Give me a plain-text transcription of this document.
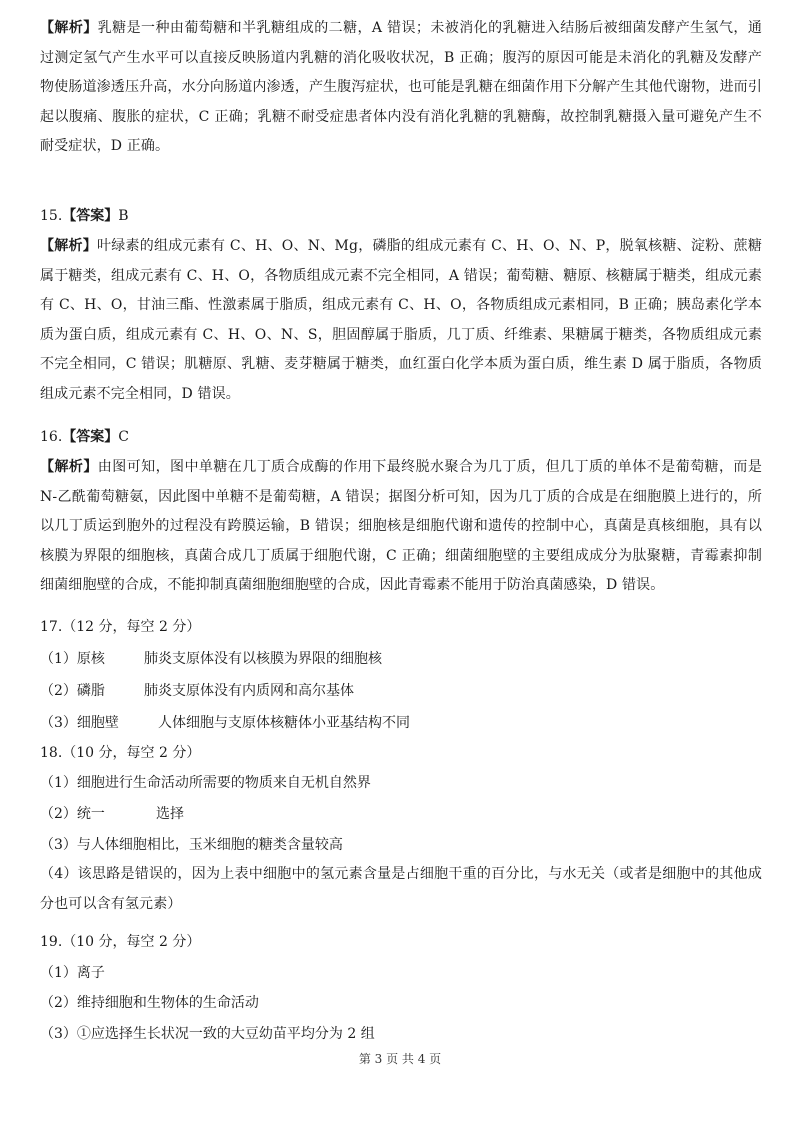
【解析】乳糖是一种由葡萄糖和半乳糖组成的二糖，A 错误；未被消化的乳糖进入结肠后被细菌发酵产生氢气，通过测定氢气产生水平可以直接反映肠道内乳糖的消化吸收状况，B 正确；腹泻的原因可能是未消化的乳糖及发酵产物使肠道渗透压升高，水分向肠道内渗透，产生腹泻症状，也可能是乳糖在细菌作用下分解产生其他代谢物，进而引起以腹痛、腹胀的症状，C 正确；乳糖不耐受症患者体内没有消化乳糖的乳糖酶，故控制乳糖摄入量可避免产生不耐受症状，D 正确。

15.【答案】B

【解析】叶绿素的组成元素有 C、H、O、N、Mg，磷脂的组成元素有 C、H、O、N、P，脱氧核糖、淀粉、蔗糖属于糖类，组成元素有 C、H、O，各物质组成元素不完全相同，A 错误；葡萄糖、糖原、核糖属于糖类，组成元素有 C、H、O，甘油三酯、性激素属于脂质，组成元素有 C、H、O，各物质组成元素相同，B 正确；胰岛素化学本质为蛋白质，组成元素有 C、H、O、N、S，胆固醇属于脂质，几丁质、纤维素、果糖属于糖类，各物质组成元素不完全相同，C 错误；肌糖原、乳糖、麦芽糖属于糖类，血红蛋白化学本质为蛋白质，维生素 D 属于脂质，各物质组成元素不完全相同，D 错误。

16.【答案】C

【解析】由图可知，图中单糖在几丁质合成酶的作用下最终脱水聚合为几丁质，但几丁质的单体不是葡萄糖，而是 N-乙酰葡萄糖氨，因此图中单糖不是葡萄糖，A 错误；据图分析可知，因为几丁质的合成是在细胞膜上进行的，所以几丁质运到胞外的过程没有跨膜运输，B 错误；细胞核是细胞代谢和遗传的控制中心，真菌是真核细胞，具有以核膜为界限的细胞核，真菌合成几丁质属于细胞代谢，C 正确；细菌细胞壁的主要组成成分为肽聚糖，青霉素抑制细菌细胞壁的合成，不能抑制真菌细胞细胞壁的合成，因此青霉素不能用于防治真菌感染，D 错误。

17.（12 分，每空 2 分）
（1）原核	肺炎支原体没有以核膜为界限的细胞核
（2）磷脂	肺炎支原体没有内质网和高尔基体
（3）细胞壁	人体细胞与支原体核糖体小亚基结构不同
18.（10 分，每空 2 分）
（1）细胞进行生命活动所需要的物质来自无机自然界
（2）统一	选择
（3）与人体细胞相比，玉米细胞的糖类含量较高

（4）该思路是错误的，因为上表中细胞中的氢元素含量是占细胞干重的百分比，与水无关（或者是细胞中的其他成分也可以含有氢元素）

19.（10 分，每空 2 分）
（1）离子
（2）维持细胞和生物体的生命活动
（3）①应选择生长状况一致的大豆幼苗平均分为 2 组
第 3 页 共 4 页
